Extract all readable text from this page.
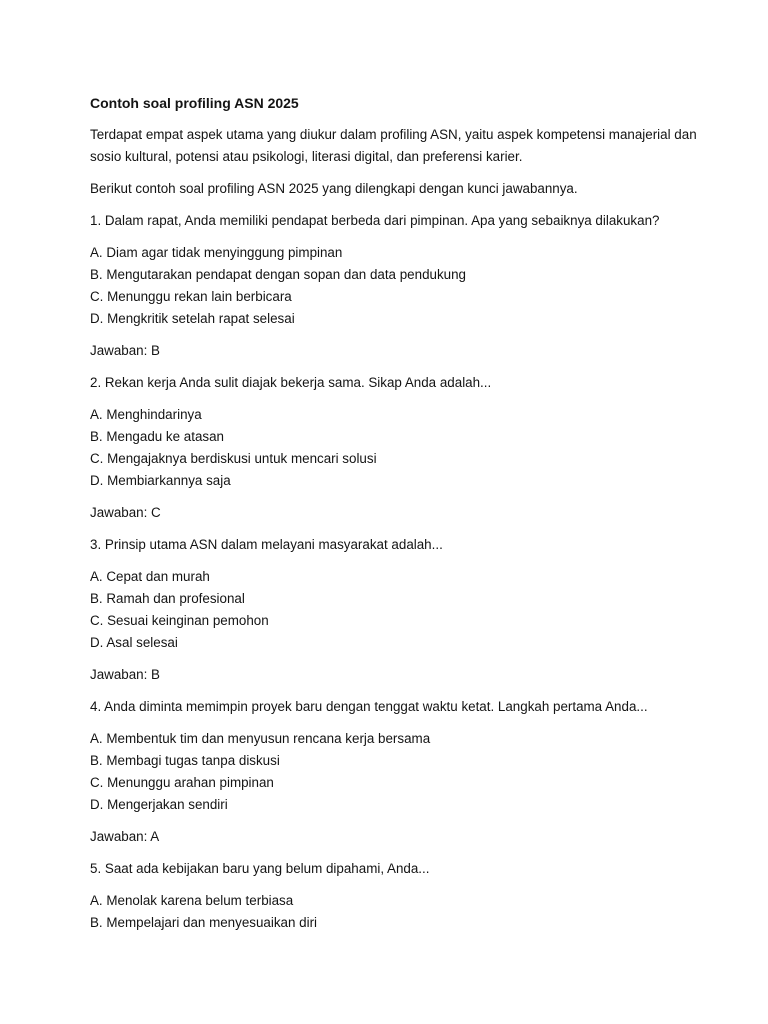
Contoh soal profiling ASN 2025

Terdapat empat aspek utama yang diukur dalam profiling ASN, yaitu aspek kompetensi manajerial dan sosio kultural, potensi atau psikologi, literasi digital, dan preferensi karier.

Berikut contoh soal profiling ASN 2025 yang dilengkapi dengan kunci jawabannya.

1. Dalam rapat, Anda memiliki pendapat berbeda dari pimpinan. Apa yang sebaiknya dilakukan?

A. Diam agar tidak menyinggung pimpinan
B. Mengutarakan pendapat dengan sopan dan data pendukung
C. Menunggu rekan lain berbicara
D. Mengkritik setelah rapat selesai

Jawaban: B

2. Rekan kerja Anda sulit diajak bekerja sama. Sikap Anda adalah...

A. Menghindarinya
B. Mengadu ke atasan
C. Mengajaknya berdiskusi untuk mencari solusi
D. Membiarkannya saja

Jawaban: C

3. Prinsip utama ASN dalam melayani masyarakat adalah...

A. Cepat dan murah
B. Ramah dan profesional
C. Sesuai keinginan pemohon
D. Asal selesai

Jawaban: B

4. Anda diminta memimpin proyek baru dengan tenggat waktu ketat. Langkah pertama Anda...

A. Membentuk tim dan menyusun rencana kerja bersama
B. Membagi tugas tanpa diskusi
C. Menunggu arahan pimpinan
D. Mengerjakan sendiri

Jawaban: A

5. Saat ada kebijakan baru yang belum dipahami, Anda...

A. Menolak karena belum terbiasa
B. Mempelajari dan menyesuaikan diri
